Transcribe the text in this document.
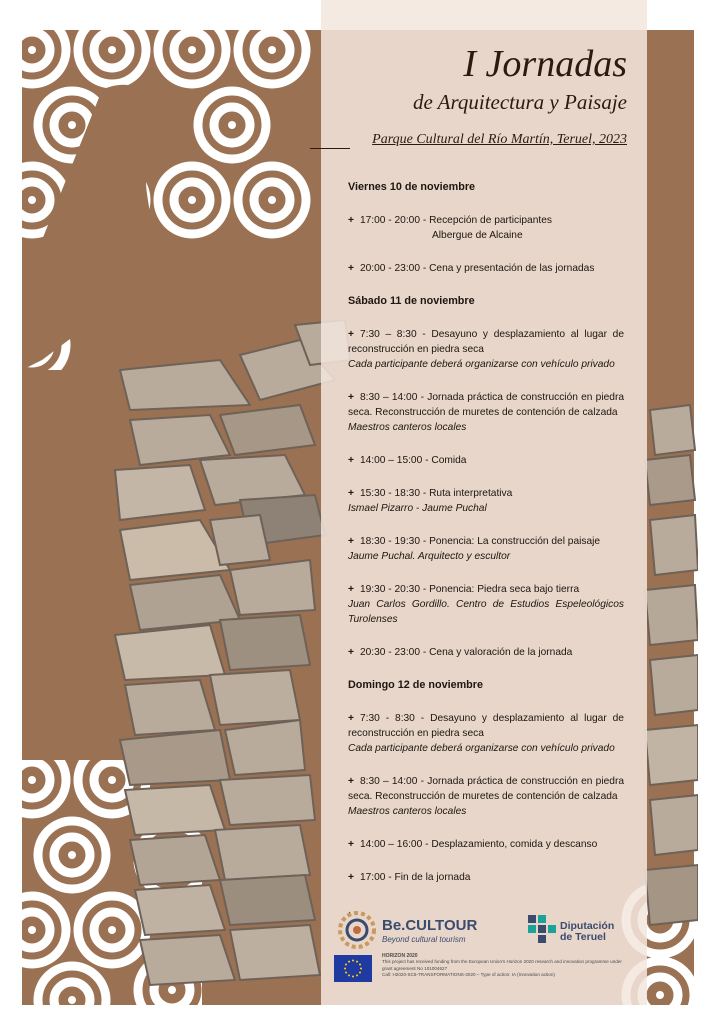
I Jornadas
de Arquitectura y Paisaje
Parque Cultural del Río Martín, Teruel, 2023
Viernes 10 de noviembre
+ 17:00 - 20:00 - Recepción de participantes
Albergue de Alcaine
+ 20:00 - 23:00 - Cena y presentación de las jornadas
Sábado 11 de noviembre
+ 7:30 – 8:30 - Desayuno y desplazamiento al lugar de reconstrucción en piedra seca
Cada participante deberá organizarse con vehículo privado
+ 8:30 – 14:00 - Jornada práctica de construcción en piedra seca. Reconstrucción de muretes de contención de calzada
Maestros canteros locales
+ 14:00 – 15:00 - Comida
+ 15:30 - 18:30 - Ruta interpretativa
Ismael Pizarro - Jaume Puchal
+ 18:30 - 19:30 - Ponencia: La construcción del paisaje
Jaume Puchal. Arquitecto y escultor
+ 19:30 - 20:30 - Ponencia: Piedra seca bajo tierra
Juan Carlos Gordillo. Centro de Estudios Espeleológicos Turolenses
+ 20:30 - 23:00 - Cena y valoración de la jornada
Domingo 12 de noviembre
+ 7:30 - 8:30 - Desayuno y desplazamiento al lugar de reconstrucción en piedra seca
Cada participante deberá organizarse con vehículo privado
+ 8:30 – 14:00 - Jornada práctica de construcción en piedra seca. Reconstrucción de muretes de contención de calzada
Maestros canteros locales
+ 14:00 – 16:00 - Desplazamiento, comida y descanso
+ 17:00 - Fin de la jornada
.
Be.CULTOUR
Beyond cultural tourism
Diputación
de Teruel
HORIZON 2020
This project has received funding from the European Union's Horizon 2020 research and innovation programme under grant agreement No 101004627
Call: H2020-SC6-TRANSFORMATIONS-2020 – Type of action: IA (Innovation action)
